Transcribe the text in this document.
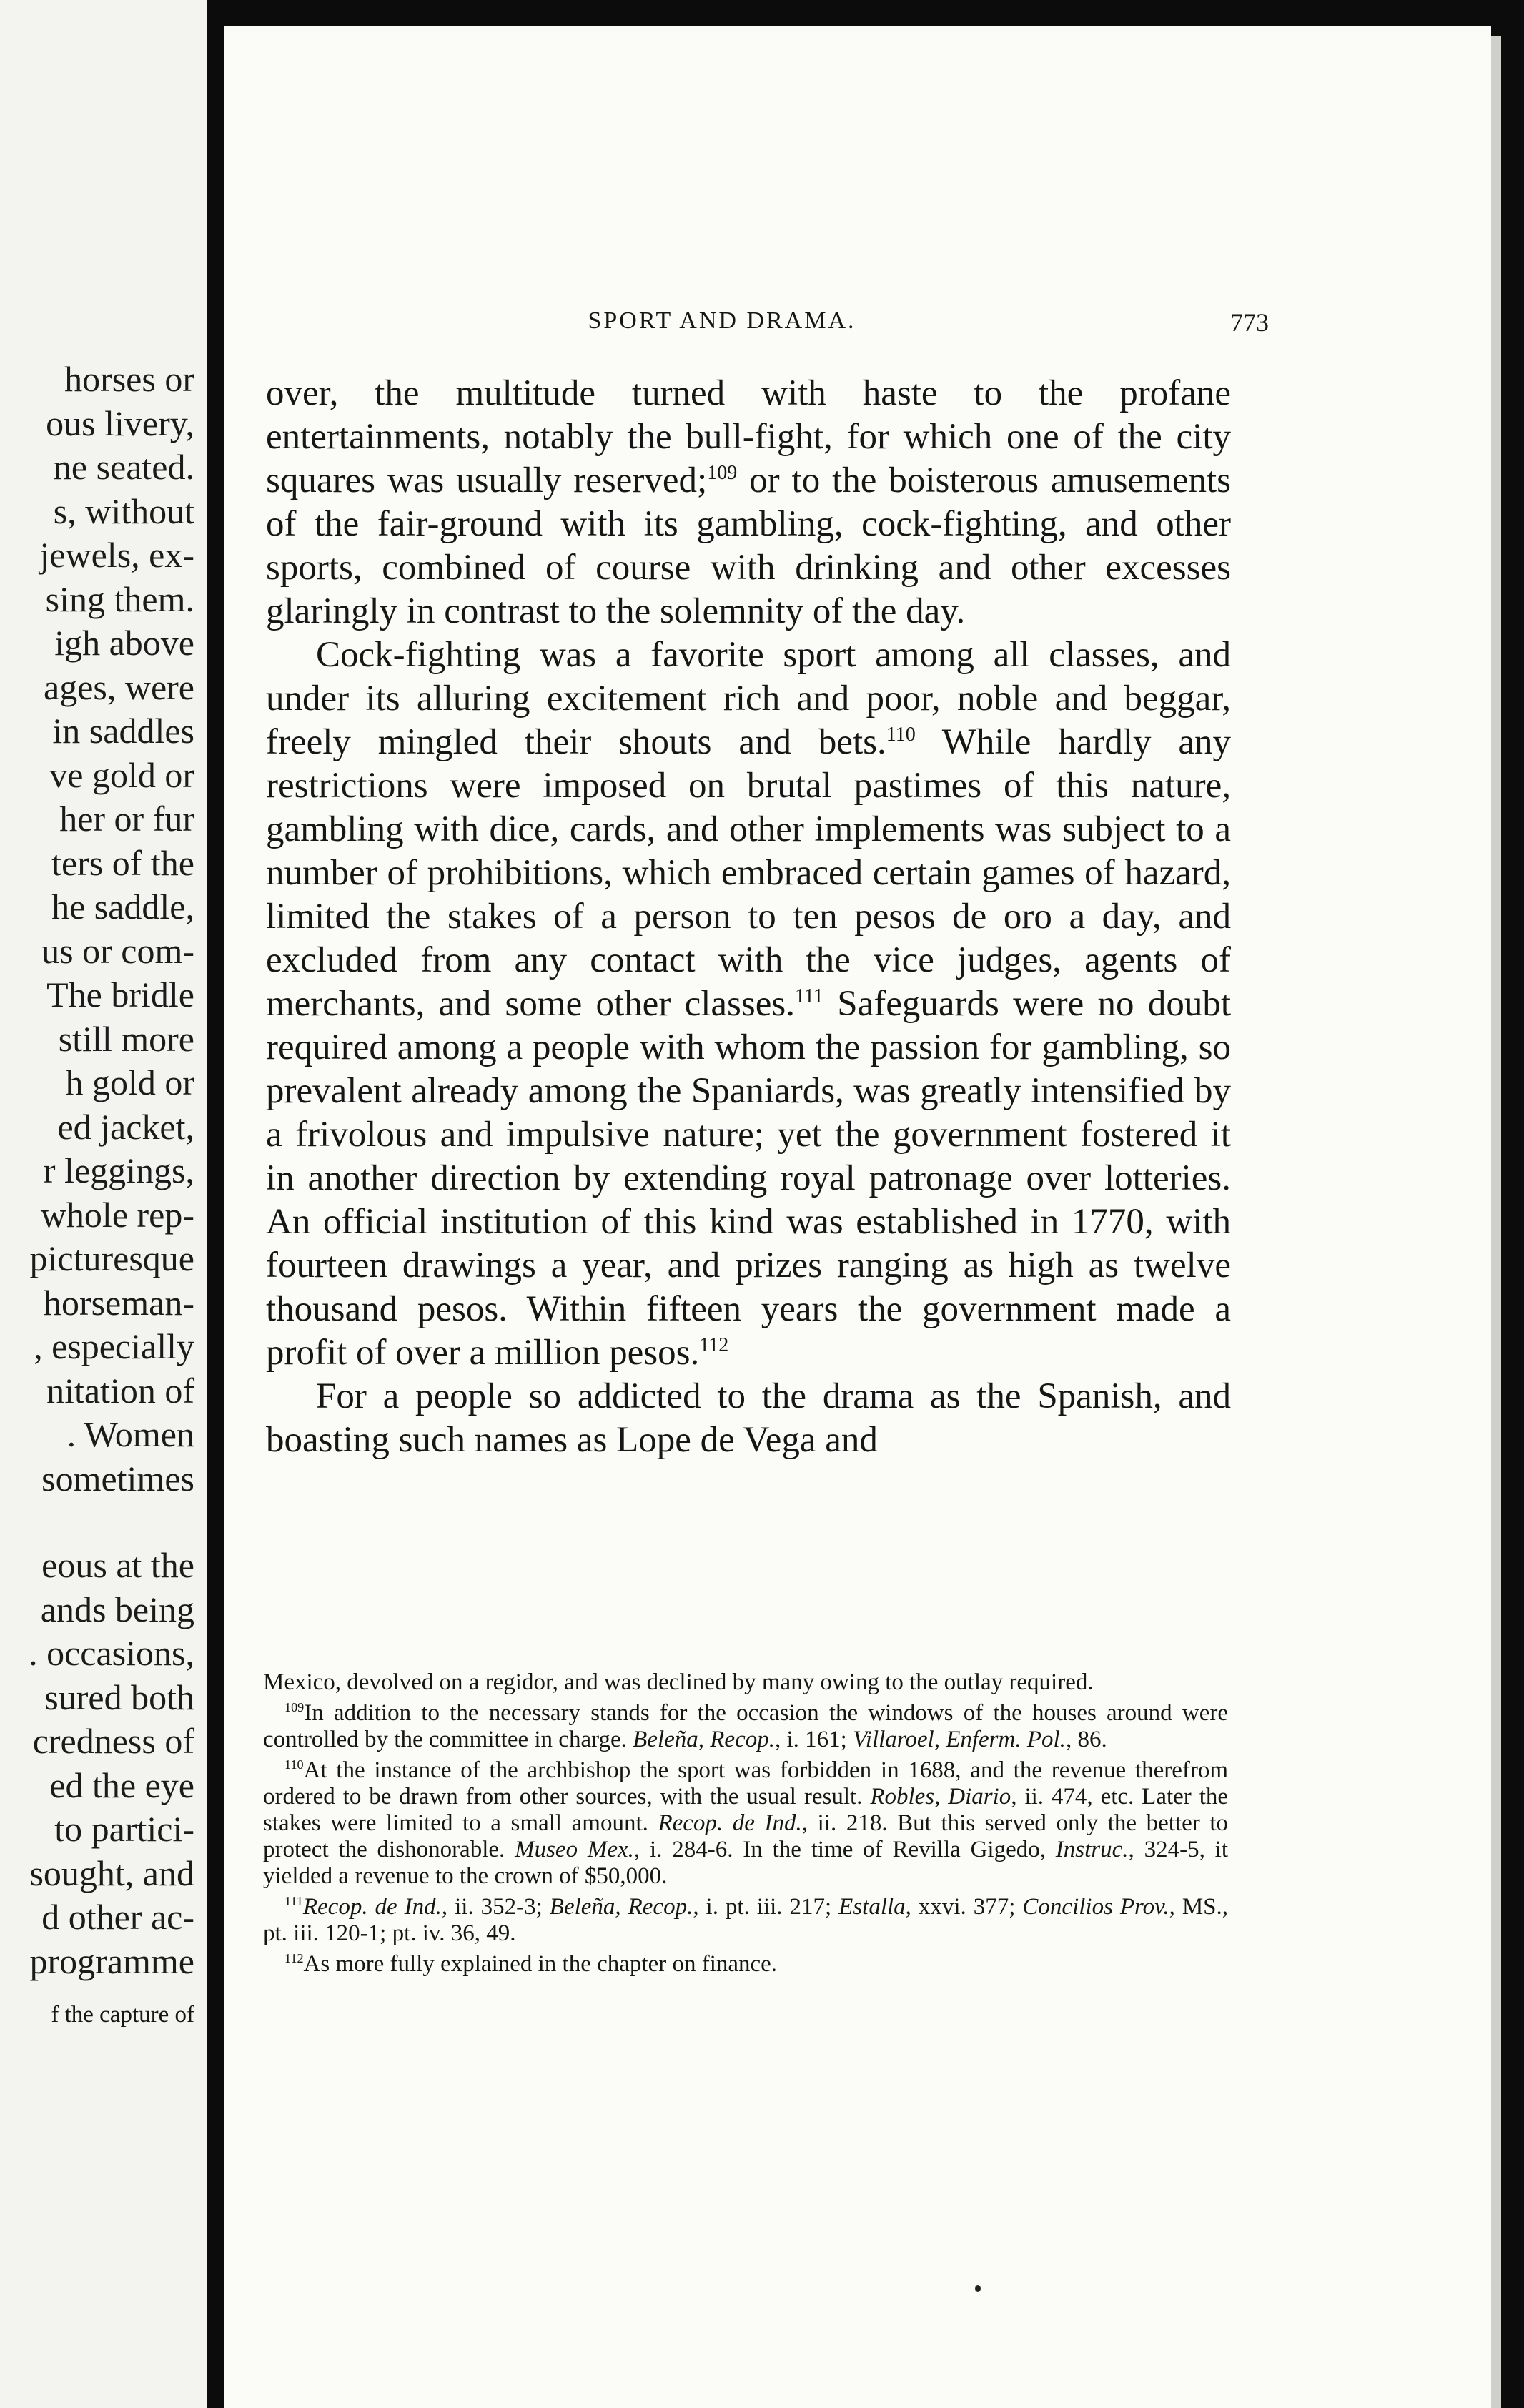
horses or
ous livery,
ne seated.
s, without
jewels, ex-
sing them.
igh above
ages, were
in saddles
ve gold or
her or fur
ters of the
he saddle,
us or com-
The bridle
still more
h gold or
ed jacket,
r leggings,
whole rep-
picturesque
horseman-
, especially
nitation of
. Women
sometimes
eous at the
ands being
. occasions,
sured both
credness of
ed the eye
to partici-
sought, and
d other ac-
programme
f the capture of
SPORT AND DRAMA.	773

over, the multitude turned with haste to the profane entertainments, notably the bull-fight, for which one of the city squares was usually reserved;$^{109}$ or to the boisterous amusements of the fair-ground with its gambling, cock-fighting, and other sports, combined of course with drinking and other excesses glaringly in contrast to the solemnity of the day.

Cock-fighting was a favorite sport among all classes, and under its alluring excitement rich and poor, noble and beggar, freely mingled their shouts and bets.$^{110}$ While hardly any restrictions were imposed on brutal pastimes of this nature, gambling with dice, cards, and other implements was subject to a number of prohibitions, which embraced certain games of hazard, limited the stakes of a person to ten pesos de oro a day, and excluded from any contact with the vice judges, agents of merchants, and some other classes.$^{111}$ Safeguards were no doubt required among a people with whom the passion for gambling, so prevalent already among the Spaniards, was greatly intensified by a frivolous and impulsive nature; yet the government fostered it in another direction by extending royal patronage over lotteries. An official institution of this kind was established in 1770, with fourteen drawings a year, and prizes ranging as high as twelve thousand pesos. Within fifteen years the government made a profit of over a million pesos.$^{112}$

For a people so addicted to the drama as the Spanish, and boasting such names as Lope de Vega and

Mexico, devolved on a regidor, and was declined by many owing to the outlay required.

$^{109}$In addition to the necessary stands for the occasion the windows of the houses around were controlled by the committee in charge. Beleña, Recop., i. 161; Villaroel, Enferm. Pol., 86.

$^{110}$At the instance of the archbishop the sport was forbidden in 1688, and the revenue therefrom ordered to be drawn from other sources, with the usual result. Robles, Diario, ii. 474, etc. Later the stakes were limited to a small amount. Recop. de Ind., ii. 218. But this served only the better to protect the dishonorable. Museo Mex., i. 284-6. In the time of Revilla Gigedo, Instruc., 324-5, it yielded a revenue to the crown of $50,000.

$^{111}$Recop. de Ind., ii. 352-3; Beleña, Recop., i. pt. iii. 217; Estalla, xxvi. 377; Concilios Prov., MS., pt. iii. 120-1; pt. iv. 36, 49.

$^{112}$As more fully explained in the chapter on finance.
